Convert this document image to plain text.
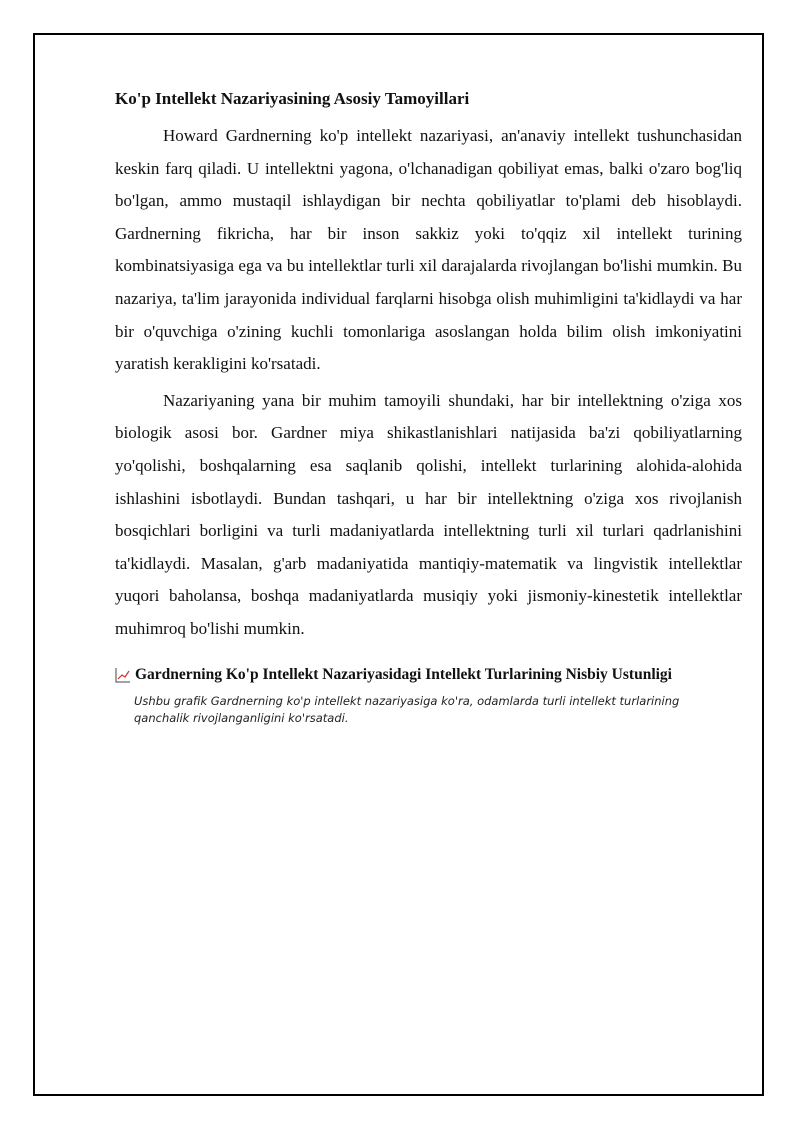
Ko'p Intellekt Nazariyasining Asosiy Tamoyillari

Howard Gardnerning ko'p intellekt nazariyasi, an'anaviy intellekt tushunchasidan keskin farq qiladi. U intellektni yagona, o'lchanadigan qobiliyat emas, balki o'zaro bog'liq bo'lgan, ammo mustaqil ishlaydigan bir nechta qobiliyatlar to'plami deb hisoblaydi. Gardnerning fikricha, har bir inson sakkiz yoki to'qqiz xil intellekt turining kombinatsiyasiga ega va bu intellektlar turli xil darajalarda rivojlangan bo'lishi mumkin. Bu nazariya, ta'lim jarayonida individual farqlarni hisobga olish muhimligini ta'kidlaydi va har bir o'quvchiga o'zining kuchli tomonlariga asoslangan holda bilim olish imkoniyatini yaratish kerakligini ko'rsatadi.

Nazariyaning yana bir muhim tamoyili shundaki, har bir intellektning o'ziga xos biologik asosi bor. Gardner miya shikastlanishlari natijasida ba'zi qobiliyatlarning yo'qolishi, boshqalarning esa saqlanib qolishi, intellekt turlarining alohida-alohida ishlashini isbotlaydi. Bundan tashqari, u har bir intellektning o'ziga xos rivojlanish bosqichlari borligini va turli madaniyatlarda intellektning turli xil turlari qadrlanishini ta'kidlaydi. Masalan, g'arb madaniyatida mantiqiy-matematik va lingvistik intellektlar yuqori baholansa, boshqa madaniyatlarda musiqiy yoki jismoniy-kinestetik intellektlar muhimroq bo'lishi mumkin.

Gardnerning Ko'p Intellekt Nazariyasidagi Intellekt Turlarining Nisbiy Ustunligi
Ushbu grafik Gardnerning ko'p intellekt nazariyasiga ko'ra, odamlarda turli intellekt turlarining qanchalik rivojlanganligini ko'rsatadi.
